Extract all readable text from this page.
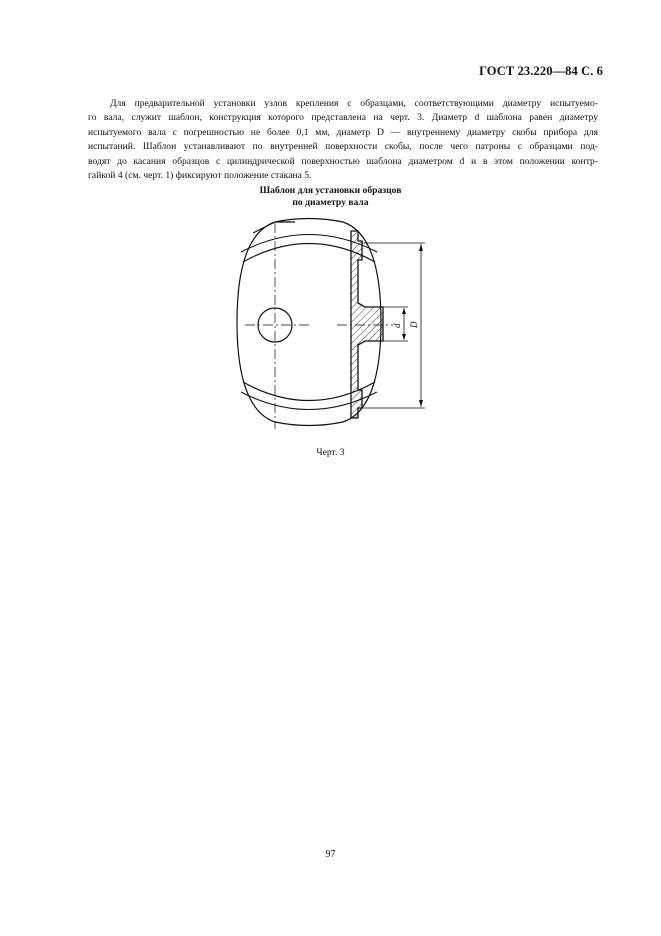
ГОСТ 23.220—84 С. 6
Для предварительной установки узлов крепления с образцами, соответствующими диаметру испытуемо-
го вала, служит шаблон, конструкция которого представлена на черт. 3. Диаметр d шаблона равен диаметру
испытуемого вала с погрешностью не более 0,1 мм, диаметр D — внутреннему диаметру скобы прибора для
испытаний. Шаблон устанавливают по внутренней поверхности скобы, после чего патроны с образцами под-
водят до касания образцов с цилиндрической поверхностью шаблона диаметром d и в этом положении контр-
гайкой 4 (см. черт. 1) фиксируют положение стакана 5.
Шаблон для установки образцов
по диаметру вала
d D
Черт. 3
97
